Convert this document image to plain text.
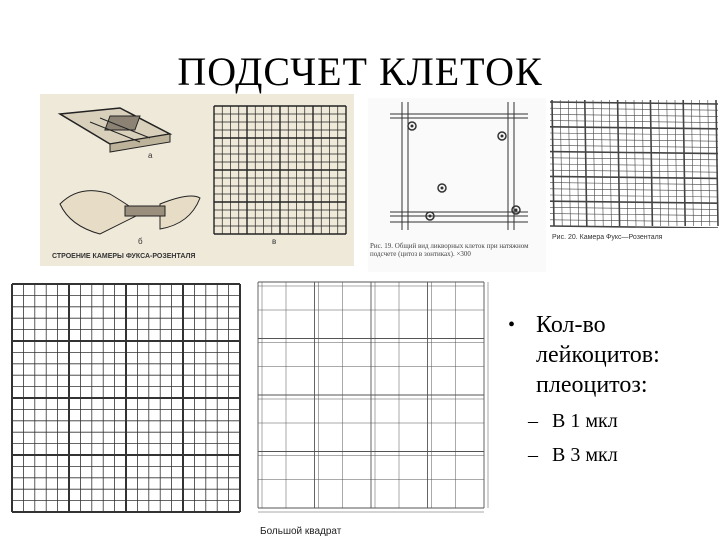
ПОДСЧЕТ КЛЕТОК
а
б	в
СТРОЕНИЕ КАМЕРЫ ФУКСА-РОЗЕНТАЛЯ
Рис. 19. Общий вид ликворных клеток при натяжном подсчете (цитоз в зонтиках). ×300
Рис. 20. Камера Фукс—Розенталя
Большой квадрат
• Кол-во лейкоцитов: плеоцитоз:
– В 1 мкл
– В 3 мкл
